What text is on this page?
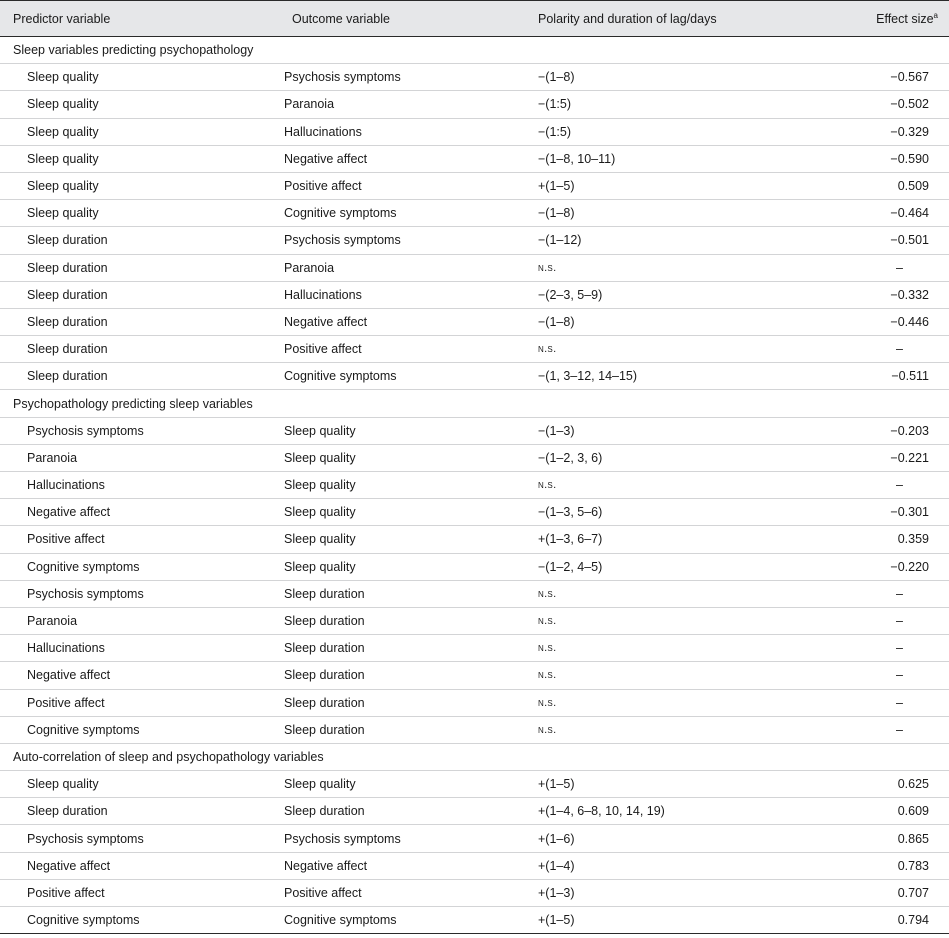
Predictor variable	Outcome variable	Polarity and duration of lag/days	Effect size$^a$
Sleep variables predicting psychopathology			
Sleep quality	Psychosis symptoms	−(1–8)	−0.567
Sleep quality	Paranoia	−(1:5)	−0.502
Sleep quality	Hallucinations	−(1:5)	−0.329
Sleep quality	Negative affect	−(1–8, 10–11)	−0.590
Sleep quality	Positive affect	+(1–5)	0.509
Sleep quality	Cognitive symptoms	−(1–8)	−0.464
Sleep duration	Psychosis symptoms	−(1–12)	−0.501
Sleep duration	Paranoia	n.s.	–
Sleep duration	Hallucinations	−(2–3, 5–9)	−0.332
Sleep duration	Negative affect	−(1–8)	−0.446
Sleep duration	Positive affect	n.s.	–
Sleep duration	Cognitive symptoms	−(1, 3–12, 14–15)	−0.511
Psychopathology predicting sleep variables			
Psychosis symptoms	Sleep quality	−(1–3)	−0.203
Paranoia	Sleep quality	−(1–2, 3, 6)	−0.221
Hallucinations	Sleep quality	n.s.	–
Negative affect	Sleep quality	−(1–3, 5–6)	−0.301
Positive affect	Sleep quality	+(1–3, 6–7)	0.359
Cognitive symptoms	Sleep quality	−(1–2, 4–5)	−0.220
Psychosis symptoms	Sleep duration	n.s.	–
Paranoia	Sleep duration	n.s.	–
Hallucinations	Sleep duration	n.s.	–
Negative affect	Sleep duration	n.s.	–
Positive affect	Sleep duration	n.s.	–
Cognitive symptoms	Sleep duration	n.s.	–
Auto-correlation of sleep and psychopathology variables			
Sleep quality	Sleep quality	+(1–5)	0.625
Sleep duration	Sleep duration	+(1–4, 6–8, 10, 14, 19)	0.609
Psychosis symptoms	Psychosis symptoms	+(1–6)	0.865
Negative affect	Negative affect	+(1–4)	0.783
Positive affect	Positive affect	+(1–3)	0.707
Cognitive symptoms	Cognitive symptoms	+(1–5)	0.794
